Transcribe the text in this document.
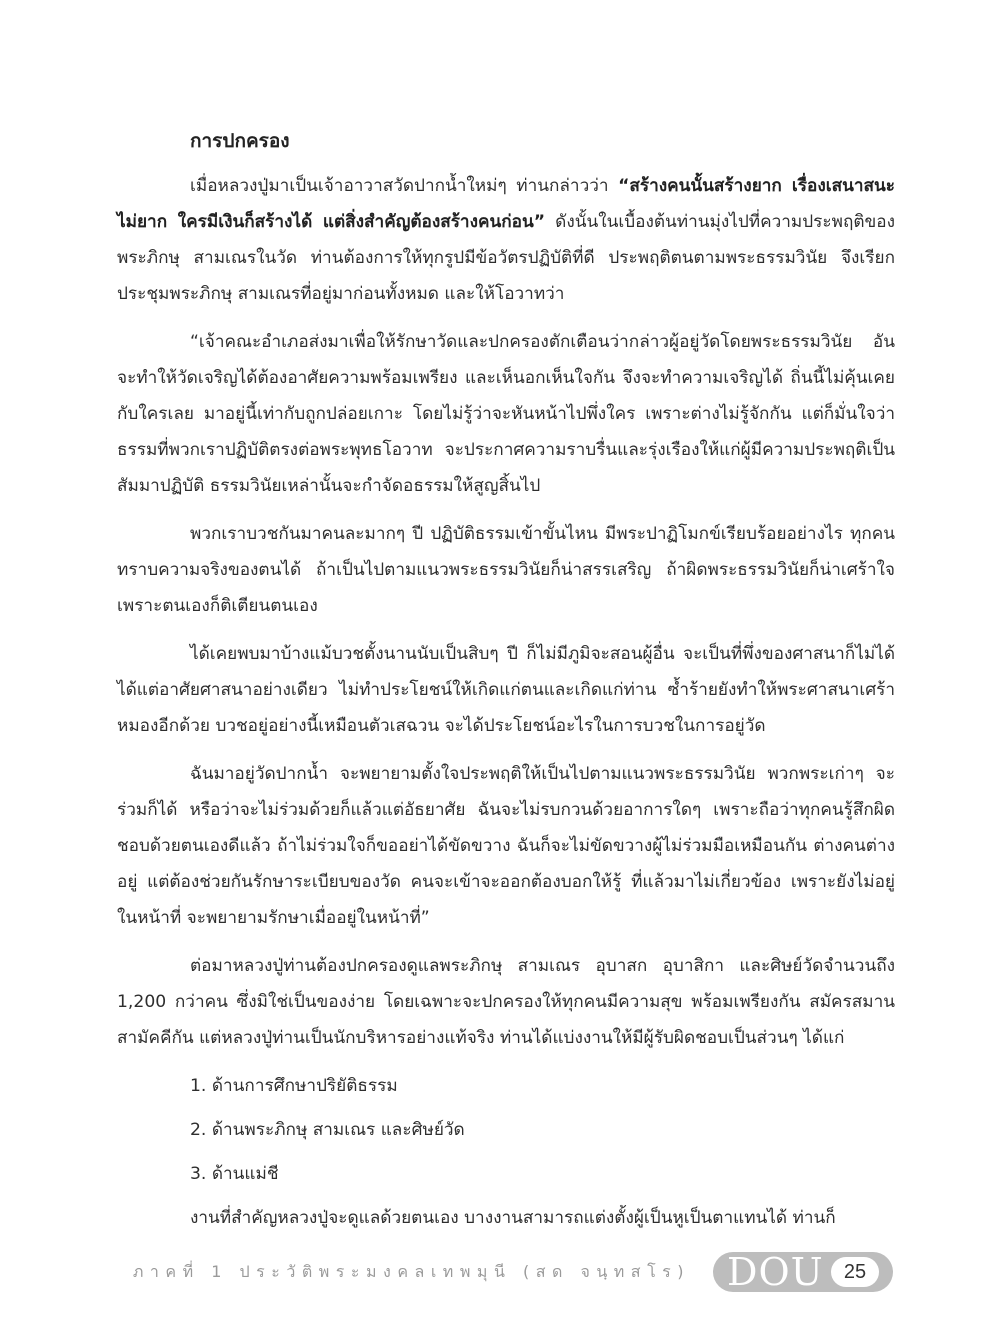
การปกครอง

เมื่อหลวงปู่มาเป็นเจ้าอาวาสวัดปากน้ำใหม่ๆ ท่านกล่าวว่า “สร้างคนนั้นสร้างยาก เรื่องเสนาสนะไม่ยาก ใครมีเงินก็สร้างได้ แต่สิ่งสำคัญต้องสร้างคนก่อน” ดังนั้นในเบื้องต้นท่านมุ่งไปที่ความประพฤติของพระภิกษุ สามเณรในวัด ท่านต้องการให้ทุกรูปมีข้อวัตรปฏิบัติที่ดี ประพฤติตนตามพระธรรมวินัย จึงเรียกประชุมพระภิกษุ สามเณรที่อยู่มาก่อนทั้งหมด และให้โอวาทว่า

“เจ้าคณะอำเภอส่งมาเพื่อให้รักษาวัดและปกครองตักเตือนว่ากล่าวผู้อยู่วัดโดยพระธรรมวินัย อันจะทำให้วัดเจริญได้ต้องอาศัยความพร้อมเพรียง และเห็นอกเห็นใจกัน จึงจะทำความเจริญได้ ถิ่นนี้ไม่คุ้นเคยกับใครเลย มาอยู่นี้เท่ากับถูกปล่อยเกาะ โดยไม่รู้ว่าจะหันหน้าไปพึ่งใคร เพราะต่างไม่รู้จักกัน แต่ก็มั่นใจว่า ธรรมที่พวกเราปฏิบัติตรงต่อพระพุทธโอวาท จะประกาศความราบรื่นและรุ่งเรืองให้แก่ผู้มีความประพฤติเป็นสัมมาปฏิบัติ ธรรมวินัยเหล่านั้นจะกำจัดอธรรมให้สูญสิ้นไป

พวกเราบวชกันมาคนละมากๆ ปี ปฏิบัติธรรมเข้าขั้นไหน มีพระปาฏิโมกข์เรียบร้อยอย่างไร ทุกคนทราบความจริงของตนได้ ถ้าเป็นไปตามแนวพระธรรมวินัยก็น่าสรรเสริญ ถ้าผิดพระธรรมวินัยก็น่าเศร้าใจ เพราะตนเองก็ติเตียนตนเอง

ได้เคยพบมาบ้างแม้บวชตั้งนานนับเป็นสิบๆ ปี ก็ไม่มีภูมิจะสอนผู้อื่น จะเป็นที่พึ่งของศาสนาก็ไม่ได้ ได้แต่อาศัยศาสนาอย่างเดียว ไม่ทำประโยชน์ให้เกิดแก่ตนและเกิดแก่ท่าน ซ้ำร้ายยังทำให้พระศาสนาเศร้าหมองอีกด้วย บวชอยู่อย่างนี้เหมือนตัวเสฉวน จะได้ประโยชน์อะไรในการบวชในการอยู่วัด

ฉันมาอยู่วัดปากน้ำ จะพยายามตั้งใจประพฤติให้เป็นไปตามแนวพระธรรมวินัย พวกพระเก่าๆ จะร่วมก็ได้ หรือว่าจะไม่ร่วมด้วยก็แล้วแต่อัธยาศัย ฉันจะไม่รบกวนด้วยอาการใดๆ เพราะถือว่าทุกคนรู้สึกผิดชอบด้วยตนเองดีแล้ว ถ้าไม่ร่วมใจก็ขออย่าได้ขัดขวาง ฉันก็จะไม่ขัดขวางผู้ไม่ร่วมมือเหมือนกัน ต่างคนต่างอยู่ แต่ต้องช่วยกันรักษาระเบียบของวัด คนจะเข้าจะออกต้องบอกให้รู้ ที่แล้วมาไม่เกี่ยวข้อง เพราะยังไม่อยู่ในหน้าที่ จะพยายามรักษาเมื่ออยู่ในหน้าที่”

ต่อมาหลวงปู่ท่านต้องปกครองดูแลพระภิกษุ สามเณร อุบาสก อุบาสิกา และศิษย์วัดจำนวนถึง 1,200 กว่าคน ซึ่งมิใช่เป็นของง่าย โดยเฉพาะจะปกครองให้ทุกคนมีความสุข พร้อมเพรียงกัน สมัครสมานสามัคคีกัน แต่หลวงปู่ท่านเป็นนักบริหารอย่างแท้จริง ท่านได้แบ่งงานให้มีผู้รับผิดชอบเป็นส่วนๆ ได้แก่

1. ด้านการศึกษาปริยัติธรรม

2. ด้านพระภิกษุ สามเณร และศิษย์วัด

3. ด้านแม่ชี

งานที่สำคัญหลวงปู่จะดูแลด้วยตนเอง บางงานสามารถแต่งตั้งผู้เป็นหูเป็นตาแทนได้ ท่านก็

ภาคที่ 1 ประวัติพระมงคลเทพมุนี (สด จนฺทสโร) DOU	25
